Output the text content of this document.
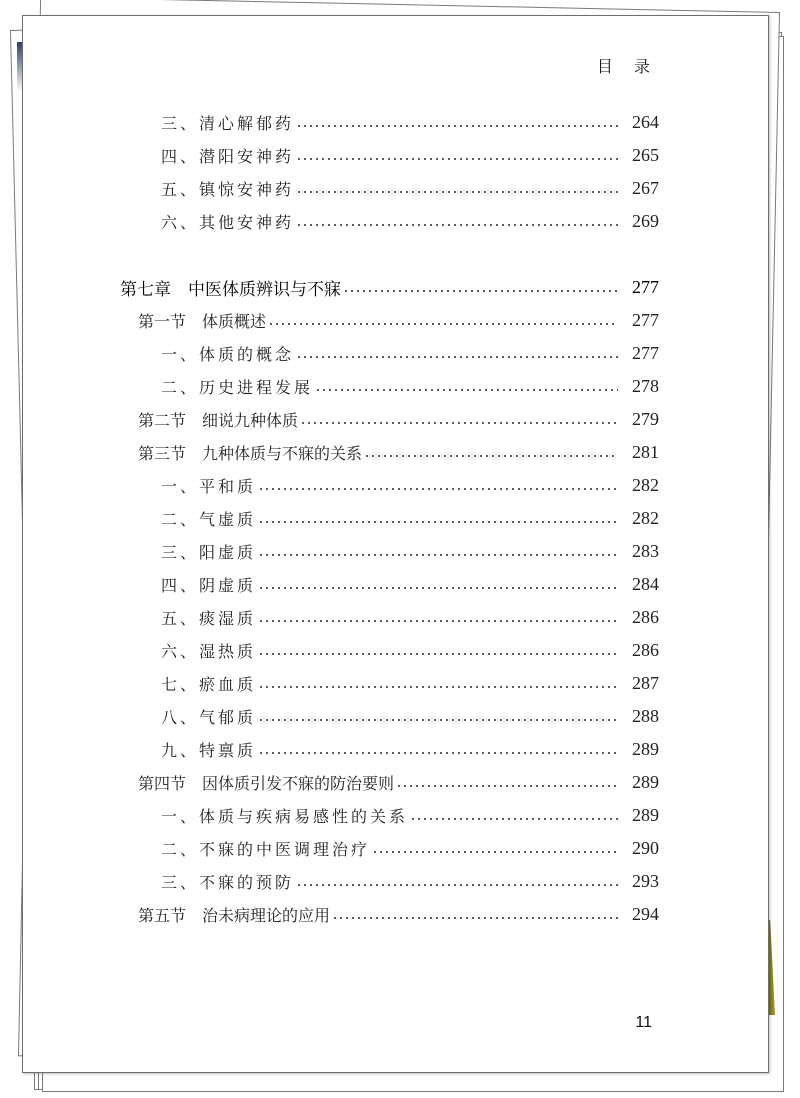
目 录
三、清心解郁药	264
四、潜阳安神药	265
五、镇惊安神药	267
六、其他安神药	269
第七章　中医体质辨识与不寐	277
第一节　体质概述	277
一、体质的概念	277
二、历史进程发展	278
第二节　细说九种体质	279
第三节　九种体质与不寐的关系	281
一、平和质	282
二、气虚质	282
三、阳虚质	283
四、阴虚质	284
五、痰湿质	286
六、湿热质	286
七、瘀血质	287
八、气郁质	288
九、特禀质	289
第四节　因体质引发不寐的防治要则	289
一、体质与疾病易感性的关系	289
二、不寐的中医调理治疗	290
三、不寐的预防	293
第五节　治未病理论的应用	294
11
